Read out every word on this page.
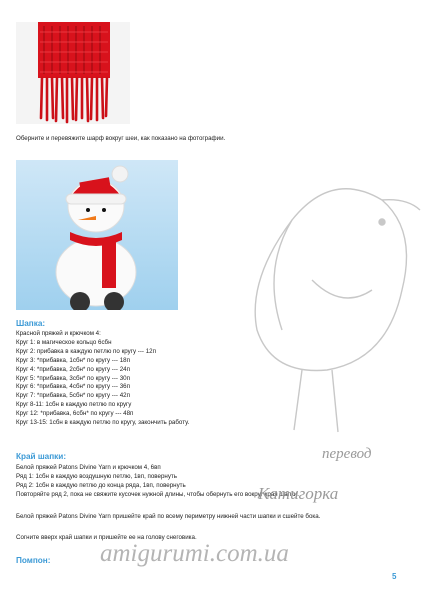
Оберните и перевяжите шарф вокруг шеи, как показано на фотографии.
Шапка:
Красной пряжей и крючком 4:
Круг 1: в магическое кольцо 6сбн
Круг 2: прибавка в каждую петлю по кругу --- 12п
Круг 3: *прибавка, 1сбн* по кругу --- 18п
Круг 4: *прибавка, 2сбн* по кругу --- 24п
Круг 5: *прибавка, 3сбн* по кругу --- 30п
Круг 6: *прибавка, 4сбн* по кругу --- 36п
Круг 7: *прибавка, 5сбн* по кругу --- 42п
Круг 8-11: 1сбн в каждую петлю по кругу
Круг 12: *прибавка, 6сбн* по кругу --- 48п
Круг 13-15: 1сбн в каждую петлю по кругу, закончить работу.
Край шапки:
Белой пряжей Patons Divine Yarn и крючком 4, 6вп
Ряд 1: 1сбн в каждую воздушную петлю, 1вп, повернуть
Ряд 2: 1сбн в каждую петлю до конца ряда, 1вп, повернуть
Повторяйте ряд 2, пока не свяжите кусочек нужной длины, чтобы обернуть его вокруг края шапки.
Белой пряжей Patons Divine Yarn пришейте край по всему периметру нижней части шапки и сшейте бока.
Согните вверх край шапки и пришейте ее на голову снеговика.
Помпон:
перевод
Катигорка
amigurumi.com.ua
5
